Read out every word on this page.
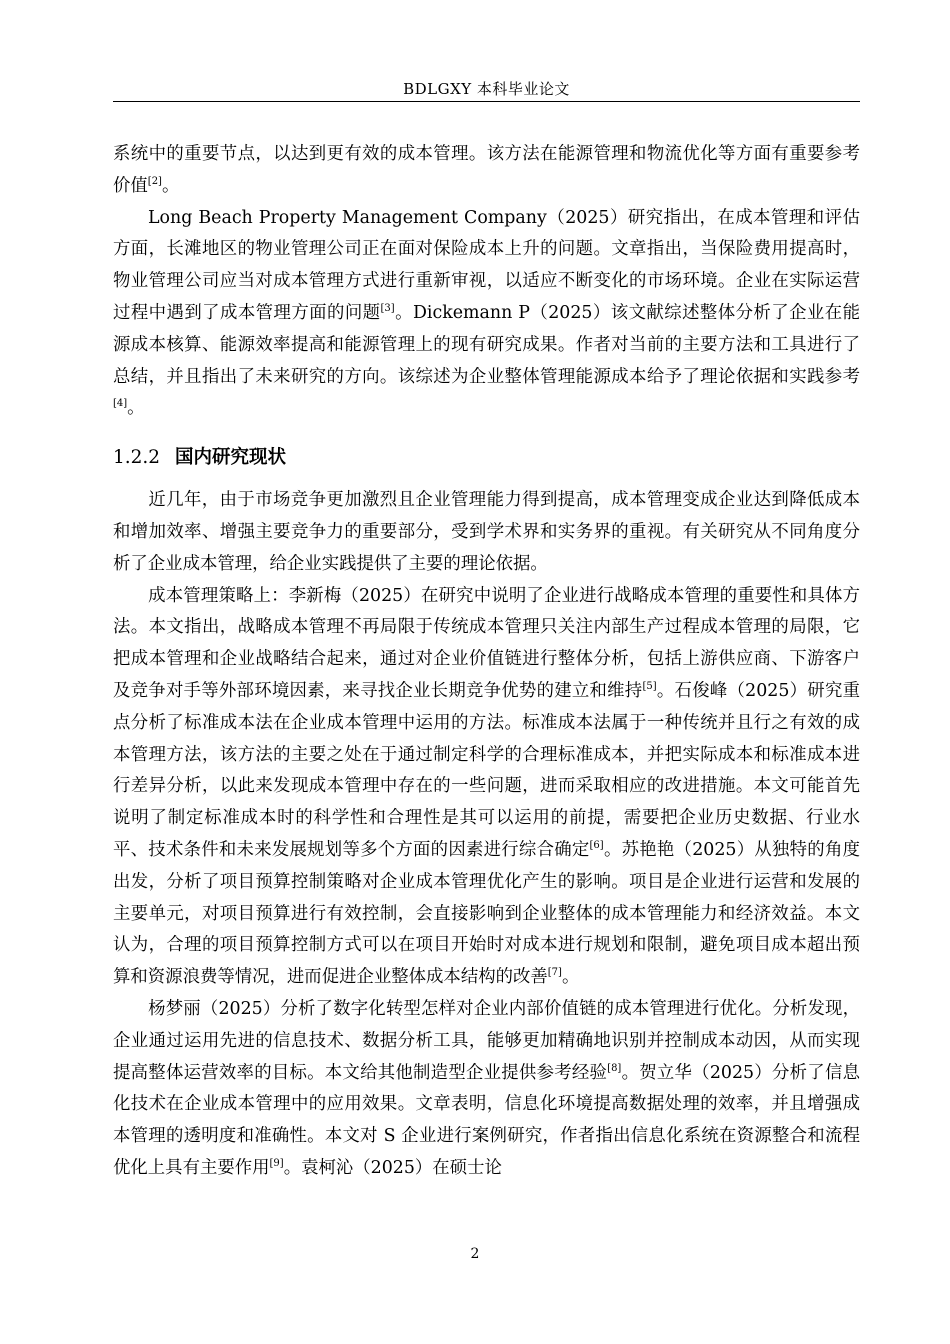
BDLGXY 本科毕业论文

系统中的重要节点，以达到更有效的成本管理。该方法在能源管理和物流优化等方面有重要参考价值[2]。

Long Beach Property Management Company（2025）研究指出，在成本管理和评估方面，长滩地区的物业管理公司正在面对保险成本上升的问题。文章指出，当保险费用提高时，物业管理公司应当对成本管理方式进行重新审视，以适应不断变化的市场环境。企业在实际运营过程中遇到了成本管理方面的问题[3]。Dickemann P（2025）该文献综述整体分析了企业在能源成本核算、能源效率提高和能源管理上的现有研究成果。作者对当前的主要方法和工具进行了总结，并且指出了未来研究的方向。该综述为企业整体管理能源成本给予了理论依据和实践参考[4]。

1.2.2 国内研究现状

近几年，由于市场竞争更加激烈且企业管理能力得到提高，成本管理变成企业达到降低成本和增加效率、增强主要竞争力的重要部分，受到学术界和实务界的重视。有关研究从不同角度分析了企业成本管理，给企业实践提供了主要的理论依据。

成本管理策略上：李新梅（2025）在研究中说明了企业进行战略成本管理的重要性和具体方法。本文指出，战略成本管理不再局限于传统成本管理只关注内部生产过程成本管理的局限，它把成本管理和企业战略结合起来，通过对企业价值链进行整体分析，包括上游供应商、下游客户及竞争对手等外部环境因素，来寻找企业长期竞争优势的建立和维持[5]。石俊峰（2025）研究重点分析了标准成本法在企业成本管理中运用的方法。标准成本法属于一种传统并且行之有效的成本管理方法，该方法的主要之处在于通过制定科学的合理标准成本，并把实际成本和标准成本进行差异分析，以此来发现成本管理中存在的一些问题，进而采取相应的改进措施。本文可能首先说明了制定标准成本时的科学性和合理性是其可以运用的前提，需要把企业历史数据、行业水平、技术条件和未来发展规划等多个方面的因素进行综合确定[6]。苏艳艳（2025）从独特的角度出发，分析了项目预算控制策略对企业成本管理优化产生的影响。项目是企业进行运营和发展的主要单元，对项目预算进行有效控制，会直接影响到企业整体的成本管理能力和经济效益。本文认为，合理的项目预算控制方式可以在项目开始时对成本进行规划和限制，避免项目成本超出预算和资源浪费等情况，进而促进企业整体成本结构的改善[7]。

杨梦丽（2025）分析了数字化转型怎样对企业内部价值链的成本管理进行优化。分析发现，企业通过运用先进的信息技术、数据分析工具，能够更加精确地识别并控制成本动因，从而实现提高整体运营效率的目标。本文给其他制造型企业提供参考经验[8]。贺立华（2025）分析了信息化技术在企业成本管理中的应用效果。文章表明，信息化环境提高数据处理的效率，并且增强成本管理的透明度和准确性。本文对 S 企业进行案例研究，作者指出信息化系统在资源整合和流程优化上具有主要作用[9]。袁柯沁（2025）在硕士论

2
